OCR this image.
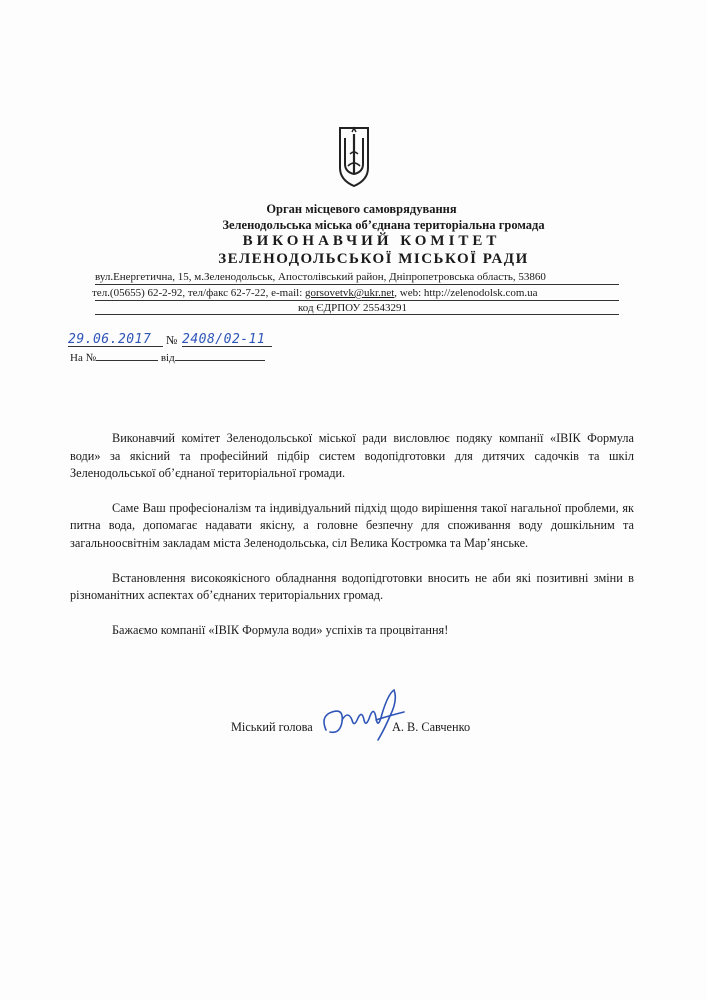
Орган місцевого самоврядування
Зеленодольська міська об’єднана територіальна громада
ВИКОНАВЧИЙ КОМІТЕТ
ЗЕЛЕНОДОЛЬСЬКОЇ МІСЬКОЇ РАДИ
вул.Енергетична, 15, м.Зеленодольськ, Апостолівський район, Дніпропетровська область, 53860
тел.(05655) 62-2-92, тел/факс 62-7-22, e-mail: gorsovetvk@ukr.net, web: http://zelenodolsk.com.ua
код ЄДРПОУ 25543291
29.06.2017	№ 2408/02-11
На №	від

Виконавчий комітет Зеленодольської міської ради висловлює подяку компанії «ІВІК Формула води» за якісний та професійний підбір систем водопідготовки для дитячих садочків та шкіл Зеленодольської об’єднаної територіальної громади.

Саме Ваш професіоналізм та індивідуальний підхід щодо вирішення такої нагальної проблеми, як питна вода, допомагає надавати якісну, а головне безпечну для споживання воду дошкільним та загальноосвітнім закладам міста Зеленодольська, сіл Велика Костромка та Мар’янське.

Встановлення високоякісного обладнання водопідготовки вносить не аби які позитивні зміни в різноманітних аспектах об’єднаних територіальних громад.

Бажаємо компанії «ІВІК Формула води» успіхів та процвітання!

Міський голова	А. В. Савченко
